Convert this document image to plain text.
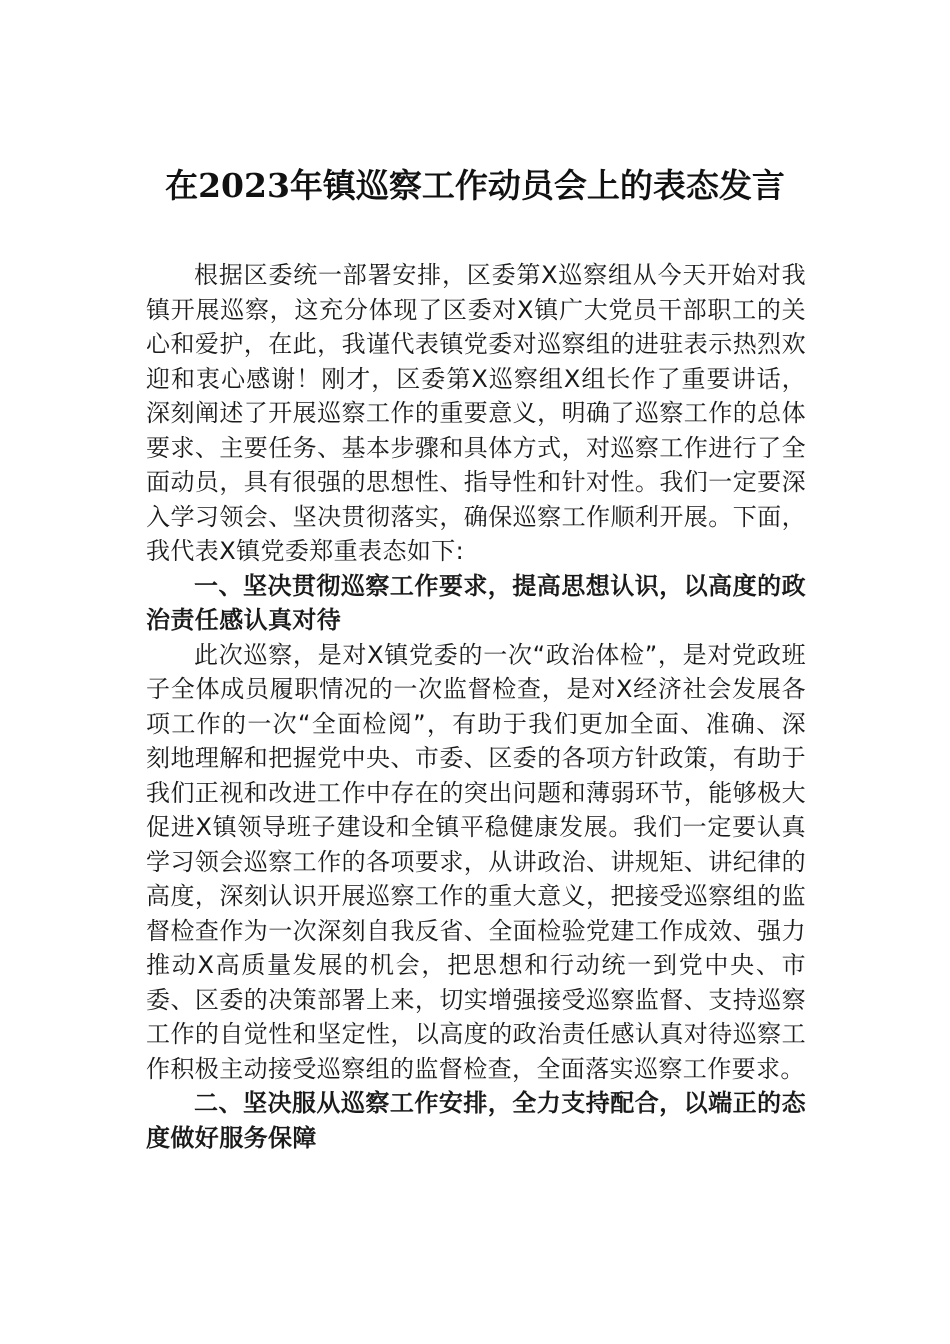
在2023年镇巡察工作动员会上的表态发言

根据区委统一部署安排，区委第X巡察组从今天开始对我镇开展巡察，这充分体现了区委对X镇广大党员干部职工的关心和爱护，在此，我谨代表镇党委对巡察组的进驻表示热烈欢迎和衷心感谢！刚才，区委第X巡察组X组长作了重要讲话，深刻阐述了开展巡察工作的重要意义，明确了巡察工作的总体要求、主要任务、基本步骤和具体方式，对巡察工作进行了全面动员，具有很强的思想性、指导性和针对性。我们一定要深入学习领会、坚决贯彻落实，确保巡察工作顺利开展。下面，我代表X镇党委郑重表态如下:

一、坚决贯彻巡察工作要求，提高思想认识，以高度的政治责任感认真对待

此次巡察，是对X镇党委的一次“政治体检”，是对党政班子全体成员履职情况的一次监督检查，是对X经济社会发展各项工作的一次“全面检阅”，有助于我们更加全面、准确、深刻地理解和把握党中央、市委、区委的各项方针政策，有助于我们正视和改进工作中存在的突出问题和薄弱环节，能够极大促进X镇领导班子建设和全镇平稳健康发展。我们一定要认真学习领会巡察工作的各项要求，从讲政治、讲规矩、讲纪律的高度，深刻认识开展巡察工作的重大意义，把接受巡察组的监督检查作为一次深刻自我反省、全面检验党建工作成效、强力推动X高质量发展的机会，把思想和行动统一到党中央、市委、区委的决策部署上来，切实增强接受巡察监督、支持巡察工作的自觉性和坚定性，以高度的政治责任感认真对待巡察工作积极主动接受巡察组的监督检查，全面落实巡察工作要求。

二、坚决服从巡察工作安排，全力支持配合，以端正的态度做好服务保障
